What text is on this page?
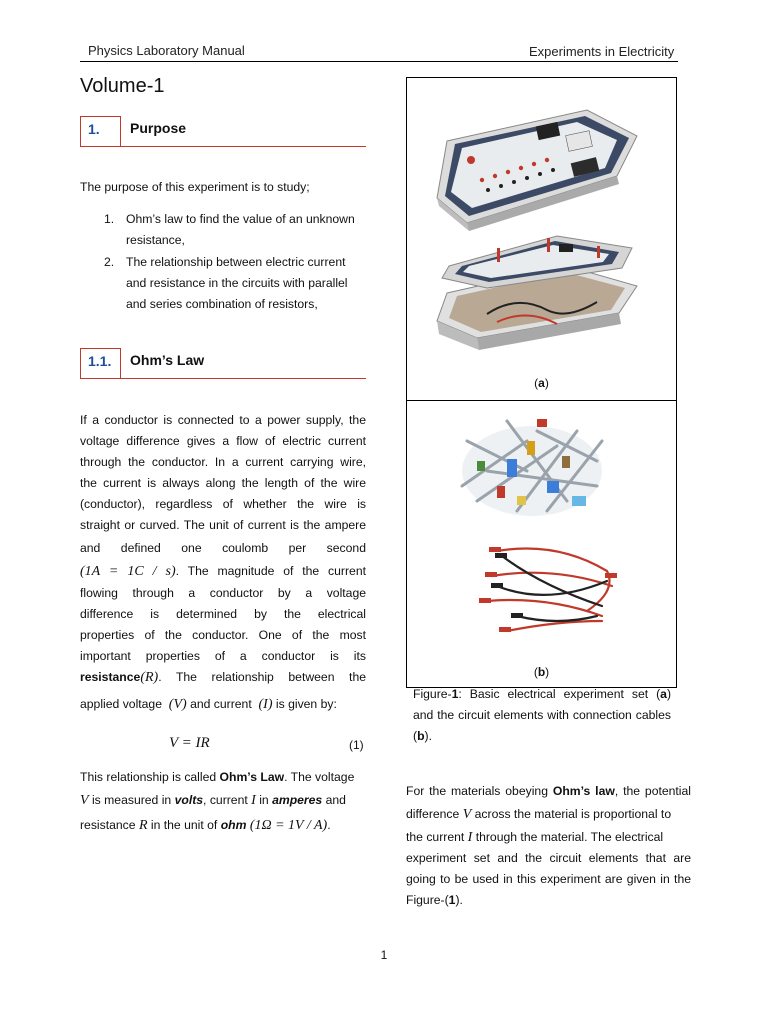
Physics Laboratory Manual	Experiments in Electricity
Volume-1
1.	Purpose
The purpose of this experiment is to study;
1. Ohm’s law to find the value of an unknown resistance,
2. The relationship between electric current and resistance in the circuits with parallel and series combination of resistors,
1.1.	Ohm’s Law
If a conductor is connected to a power supply, the
voltage difference gives a flow of electric current
through the conductor. In a current carrying wire,
the current is always along the length of the wire
(conductor), regardless of whether the wire is
straight or curved. The unit of current is the ampere
and defined one coulomb per second
(1A = 1C / s). The magnitude of the current
flowing through a conductor by a voltage
difference is determined by the electrical
properties of the conductor. One of the most
important properties of a conductor is its
resistance(R). The relationship between the
applied voltage (V) and current (I) is given by:
V = IR	(1)
This relationship is called Ohm’s Law. The voltage
V is measured in volts, current I in amperes and
resistance R in the unit of ohm (1Ω = 1V / A).
(a)
(b)
Figure-1: Basic electrical experiment set (a) and the circuit elements with connection cables (b).
For the materials obeying Ohm’s law, the potential
difference V across the material is proportional to
the current I through the material. The electrical
experiment set and the circuit elements that are
going to be used in this experiment are given in the
Figure-(1).
1
